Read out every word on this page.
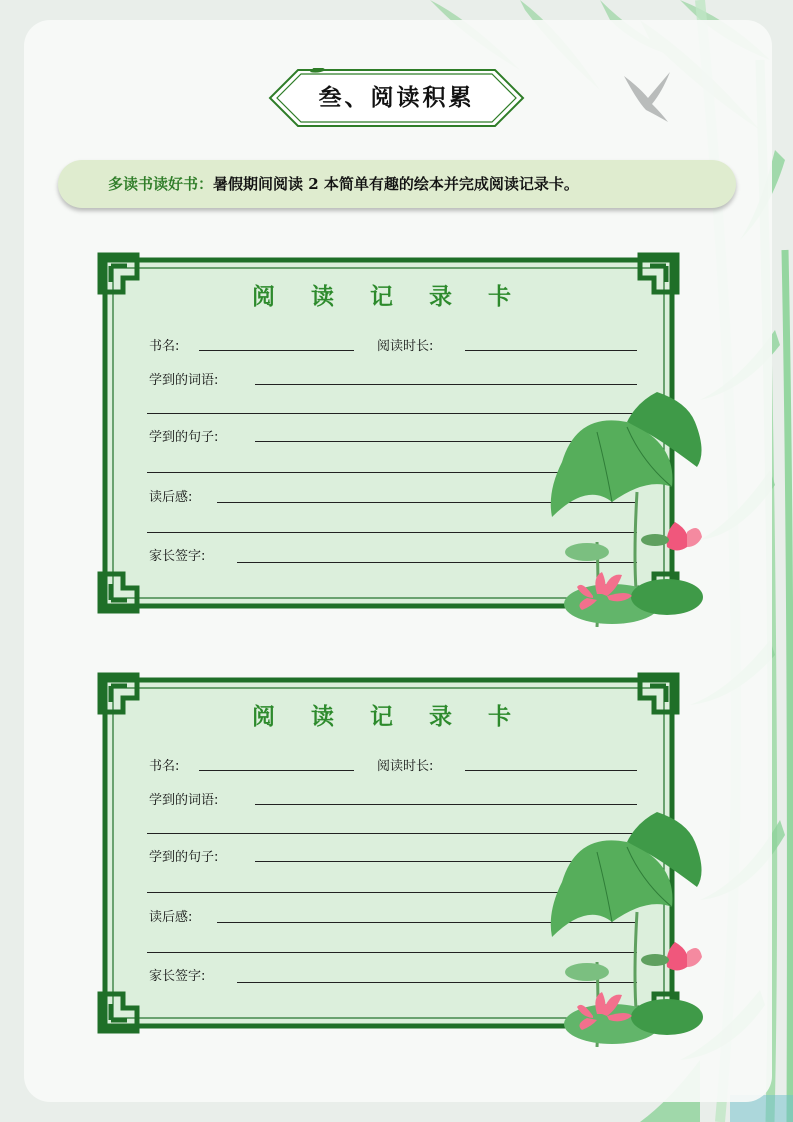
叁、阅读积累
多读书读好书：暑假期间阅读 2 本简单有趣的绘本并完成阅读记录卡。
阅 读 记 录 卡
书名:	阅读时长:
学到的词语:
学到的句子:
读后感:
家长签字:
阅 读 记 录 卡
书名:	阅读时长:
学到的词语:
学到的句子:
读后感:
家长签字:
